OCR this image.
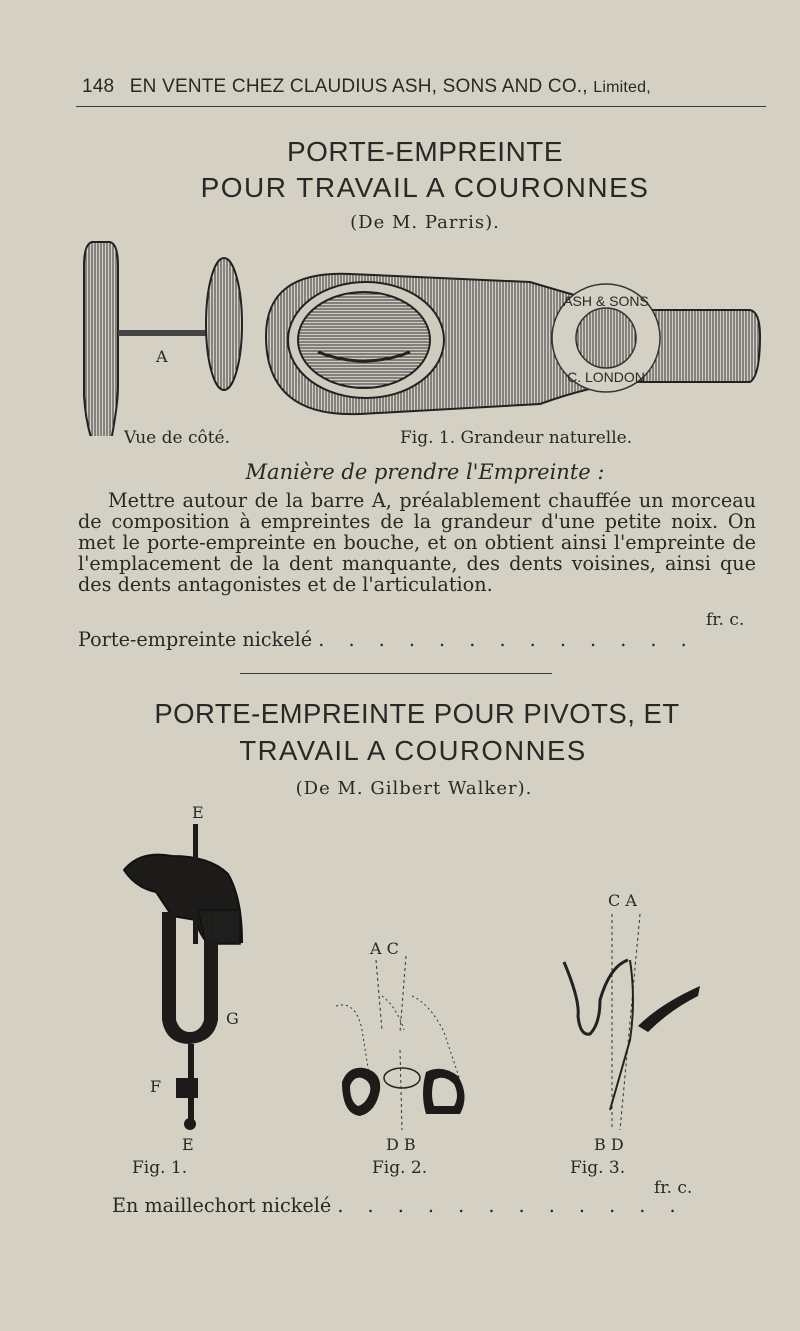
148 EN VENTE CHEZ CLAUDIUS ASH, SONS AND CO., Limited,
PORTE-EMPREINTE
POUR TRAVAIL A COURONNES
(De M. Parris).
A
ASH & SONS
C. LONDON
Vue de côté.	Fig. 1. Grandeur naturelle.
Manière de prendre l'Empreinte :
Mettre autour de la barre A, préalablement chauffée un morceau de composition à empreintes de la grandeur d'une petite noix. On met le porte-empreinte en bouche, et on obtient ainsi l'empreinte de l'emplacement de la dent manquante, des dents voisines, ainsi que des dents antagonistes et de l'articulation.
fr. c.
Porte-empreinte nickelé . . . . . . . . . . . . .
PORTE-EMPREINTE POUR PIVOTS, ET
TRAVAIL A COURONNES
(De M. Gilbert Walker).
E
G
F
E
A C
D B
C A
B D
Fig. 1.	Fig. 2.	Fig. 3.
fr. c.
En maillechort nickelé . . . . . . . . . . . .
